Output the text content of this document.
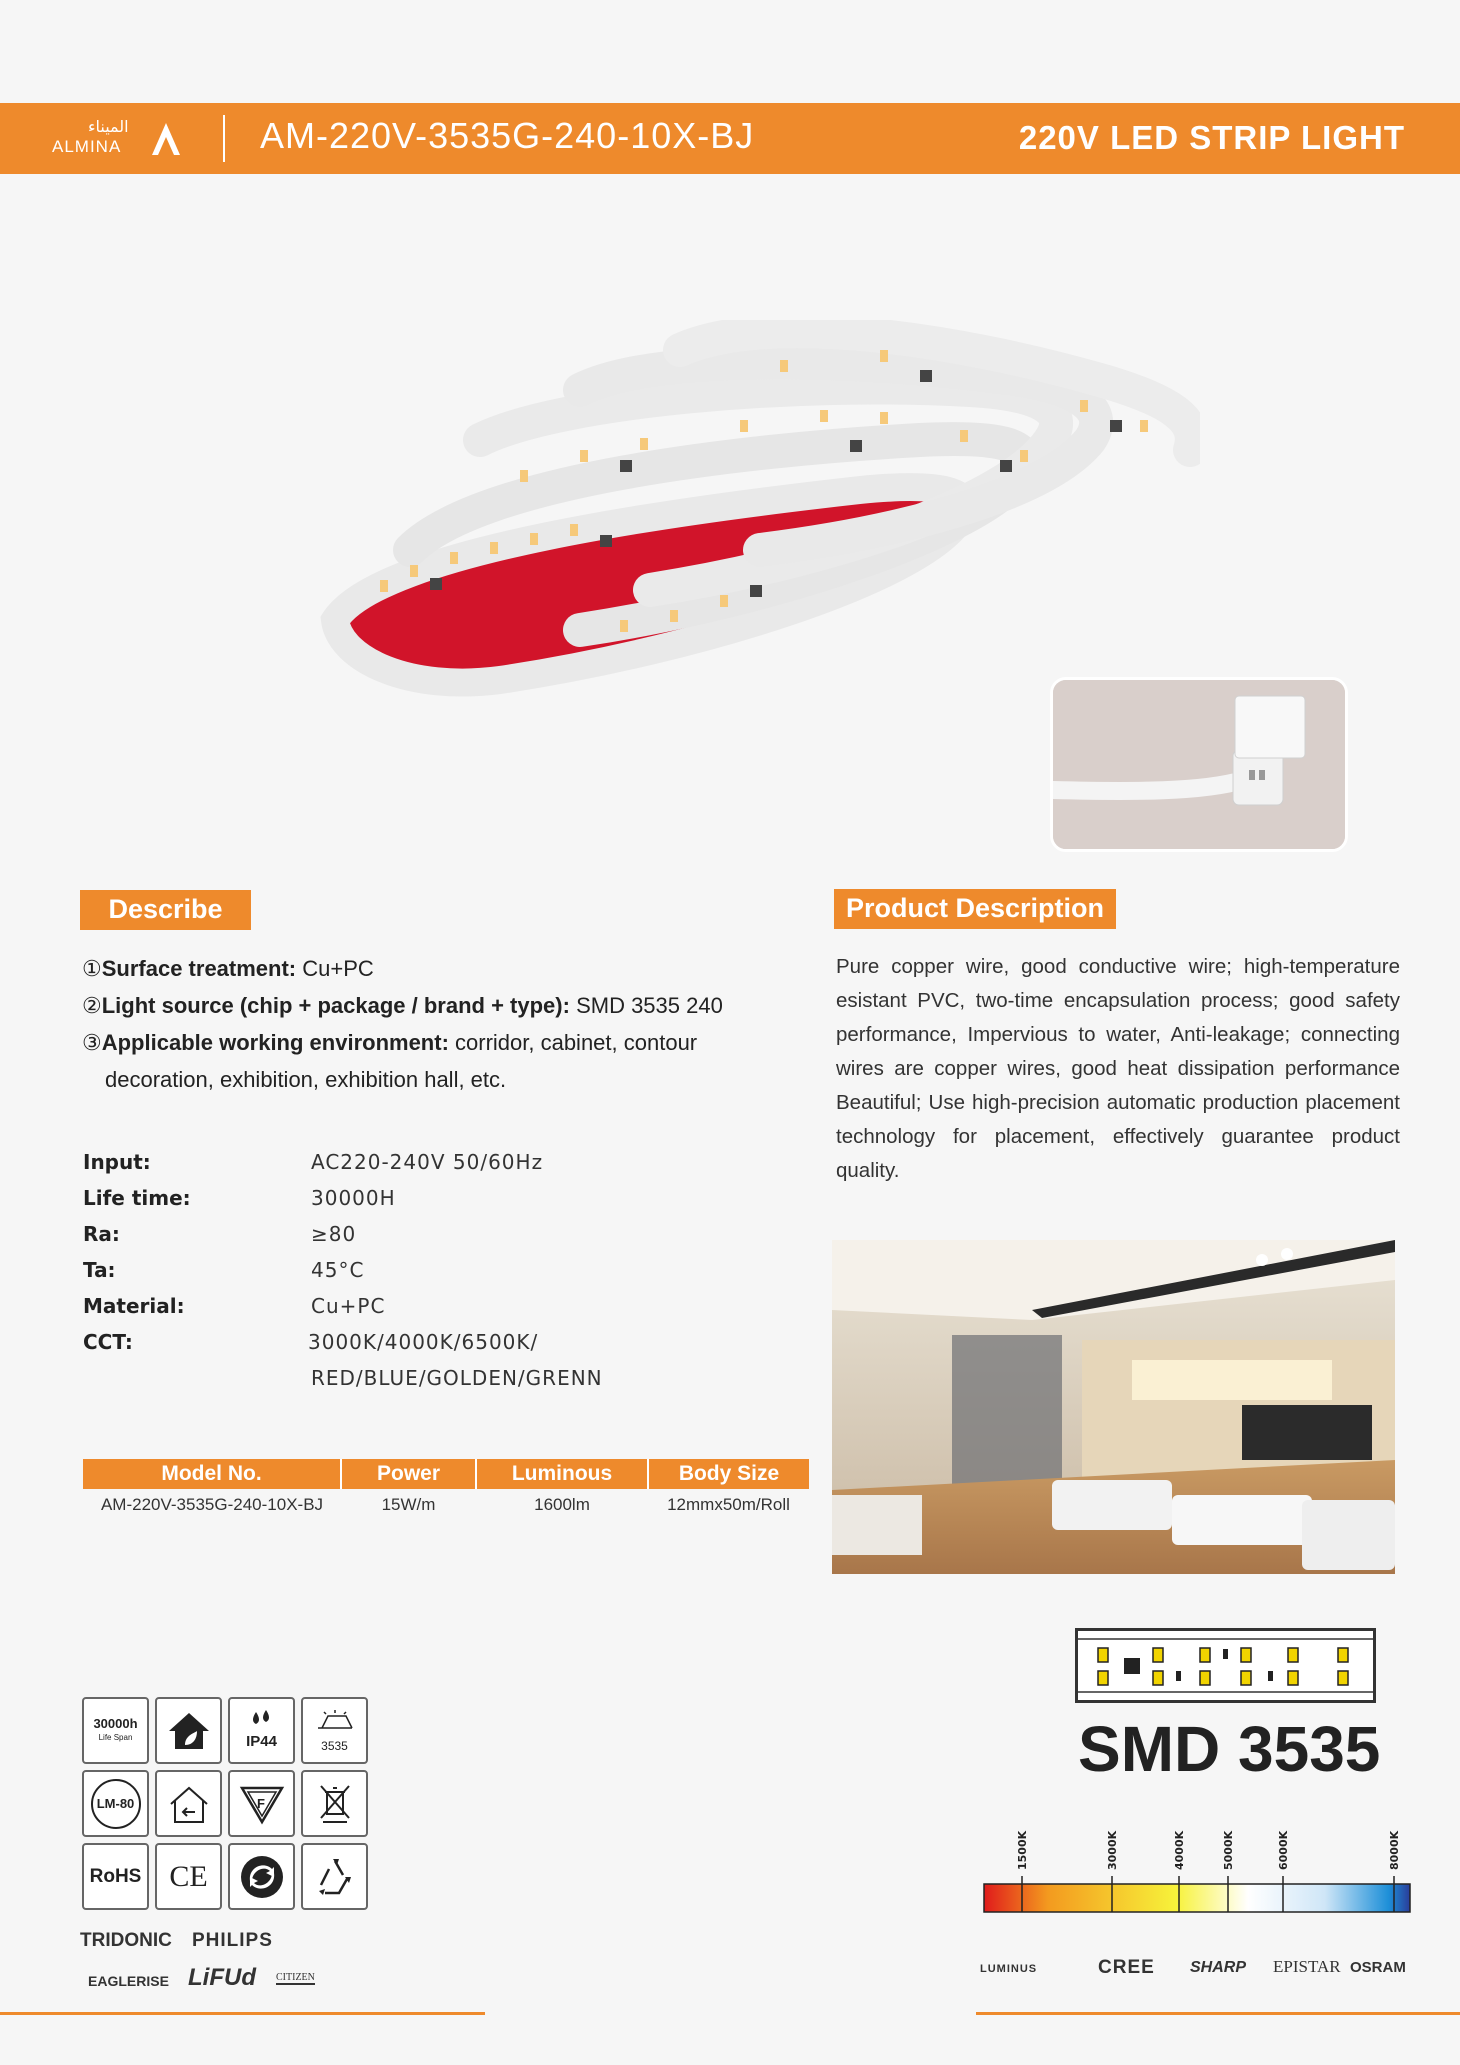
الميناء
ALMINA	AM-220V-3535G-240-10X-BJ	220V LED STRIP LIGHT
Describe
①Surface treatment: Cu+PC
②Light source (chip + package / brand + type): SMD 3535 240
③Applicable working environment: corridor, cabinet, contour
decoration, exhibition, exhibition hall, etc.
Product Description
Pure copper wire, good conductive wire; high-temperature esistant PVC, two-time encapsulation process; good safety performance, Impervious to water, Anti-leakage; connecting wires are copper wires, good heat dissipation performance Beautiful; Use high-precision automatic production placement technology for placement, effectively guarantee product quality.
Input:	AC220-240V 50/60Hz
Life time:	30000H
Ra:	≥80
Ta:	45°C
Material:	Cu+PC
CCT:	3000K/4000K/6500K/
RED/BLUE/GOLDEN/GRENN
Model No.	Power	Luminous	Body Size
AM-220V-3535G-240-10X-BJ	15W/m	1600lm	12mmx50m/Roll
30000h
Life Span	IP44	3535
LM-80	F
RoHS CE
TRIDONIC PHILIPS
EAGLERISE LiFUd CITIZEN
SMD 3535
1500K	3000K	4000K	5000K	6000K	8000K
LUMINUS	CREE SHARP EPISTAR OSRAM
